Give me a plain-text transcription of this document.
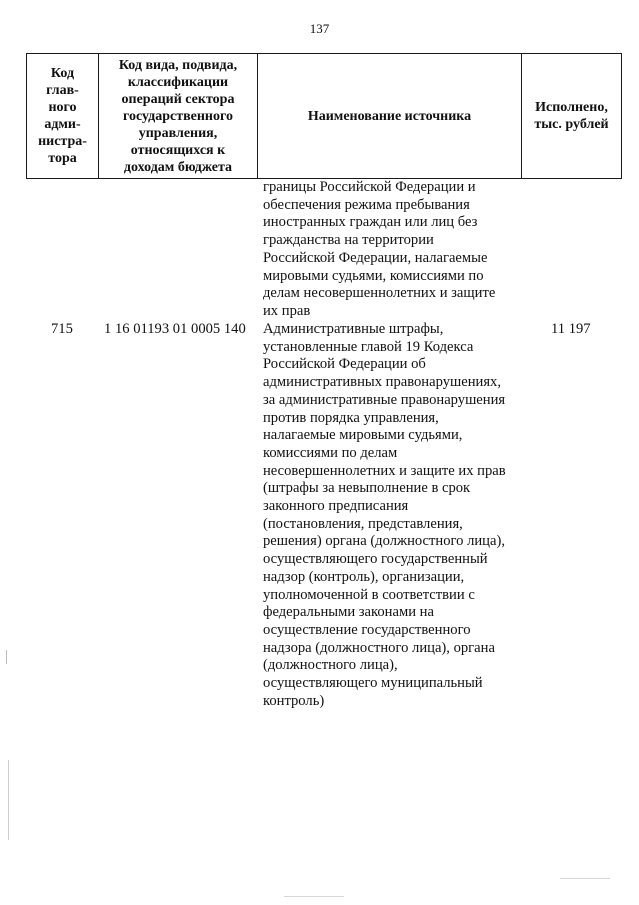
137
Код
глав-
ного
адми-
нистра-
тора
Код вида, подвида,
классификации
операций сектора
государственного
управления,
относящихся к
доходам бюджета
Наименование источника
Исполнено,
тыс. рублей
границы Российской Федерации и
обеспечения режима пребывания
иностранных граждан или лиц без
гражданства на территории
Российской Федерации, налагаемые
мировыми судьями, комиссиями по
делам несовершеннолетних и защите
их прав
715 1 16 01193 01 0005 140	11 197
Административные штрафы,
установленные главой 19 Кодекса
Российской Федерации об
административных правонарушениях,
за административные правонарушения
против порядка управления,
налагаемые мировыми судьями,
комиссиями по делам
несовершеннолетних и защите их прав
(штрафы за невыполнение в срок
законного предписания
(постановления, представления,
решения) органа (должностного лица),
осуществляющего государственный
надзор (контроль), организации,
уполномоченной в соответствии с
федеральными законами на
осуществление государственного
надзора (должностного лица), органа
(должностного лица),
осуществляющего муниципальный
контроль)
